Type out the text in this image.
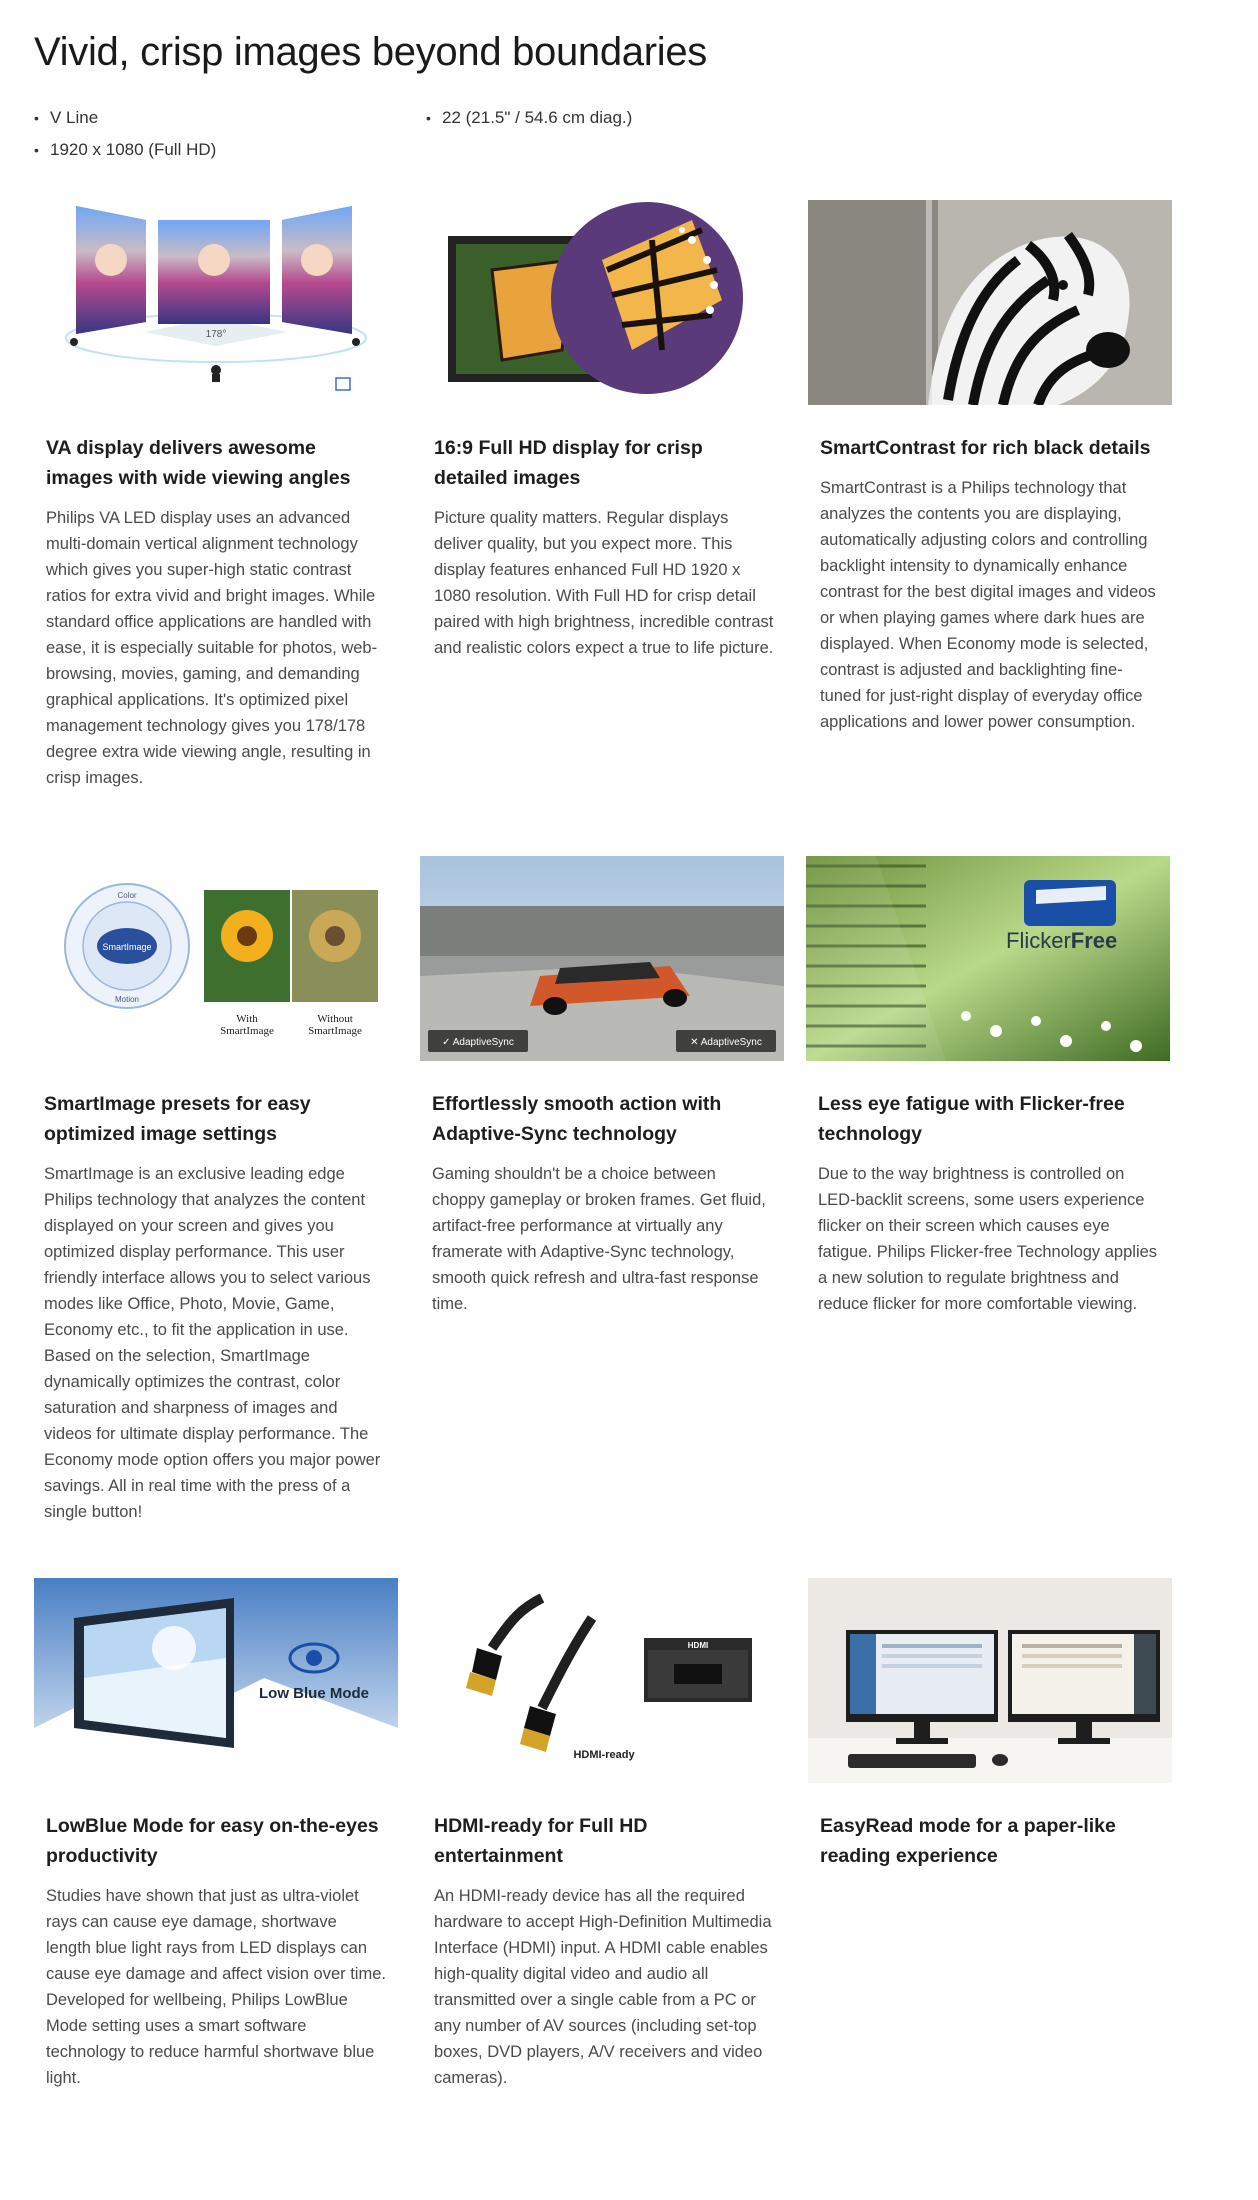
Vivid, crisp images beyond boundaries
• V Line
•	22 (21.5" / 54.6 cm diag.)
• 1920 x 1080 (Full HD)
178°
VA display delivers awesome images with wide viewing angles

Philips VA LED display uses an advanced multi-domain vertical alignment technology which gives you super-high static contrast ratios for extra vivid and bright images. While standard office applications are handled with ease, it is especially suitable for photos, web-browsing, movies, gaming, and demanding graphical applications. It's optimized pixel management technology gives you 178/178 degree extra wide viewing angle, resulting in crisp images.

16:9 Full HD display for crisp detailed images

Picture quality matters. Regular displays deliver quality, but you expect more. This display features enhanced Full HD 1920 x 1080 resolution. With Full HD for crisp detail paired with high brightness, incredible contrast and realistic colors expect a true to life picture.

SmartContrast for rich black details

SmartContrast is a Philips technology that analyzes the contents you are displaying, automatically adjusting colors and controlling backlight intensity to dynamically enhance contrast for the best digital images and videos or when playing games where dark hues are displayed. When Economy mode is selected, contrast is adjusted and backlighting fine-tuned for just-right display of everyday office applications and lower power consumption.

SmartImage
Color
Motion
With
SmartImage
Without
SmartImage
SmartImage presets for easy optimized image settings

SmartImage is an exclusive leading edge Philips technology that analyzes the content displayed on your screen and gives you optimized display performance. This user friendly interface allows you to select various modes like Office, Photo, Movie, Game, Economy etc., to fit the application in use. Based on the selection, SmartImage dynamically optimizes the contrast, color saturation and sharpness of images and videos for ultimate display performance. The Economy mode option offers you major power savings. All in real time with the press of a single button!

✓ AdaptiveSync	✕ AdaptiveSync
Effortlessly smooth action with Adaptive-Sync technology

Gaming shouldn't be a choice between choppy gameplay or broken frames. Get fluid, artifact-free performance at virtually any framerate with Adaptive-Sync technology, smooth quick refresh and ultra-fast response time.

FlickerFree
Less eye fatigue with Flicker-free technology

Due to the way brightness is controlled on LED-backlit screens, some users experience flicker on their screen which causes eye fatigue. Philips Flicker-free Technology applies a new solution to regulate brightness and reduce flicker for more comfortable viewing.

Low Blue Mode
LowBlue Mode for easy on-the-eyes productivity

Studies have shown that just as ultra-violet rays can cause eye damage, shortwave length blue light rays from LED displays can cause eye damage and affect vision over time. Developed for wellbeing, Philips LowBlue Mode setting uses a smart software technology to reduce harmful shortwave blue light.

HDMI
HDMI-ready
HDMI-ready for Full HD entertainment

An HDMI-ready device has all the required hardware to accept High-Definition Multimedia Interface (HDMI) input. A HDMI cable enables high-quality digital video and audio all transmitted over a single cable from a PC or any number of AV sources (including set-top boxes, DVD players, A/V receivers and video cameras).

EasyRead mode for a paper-like reading experience
